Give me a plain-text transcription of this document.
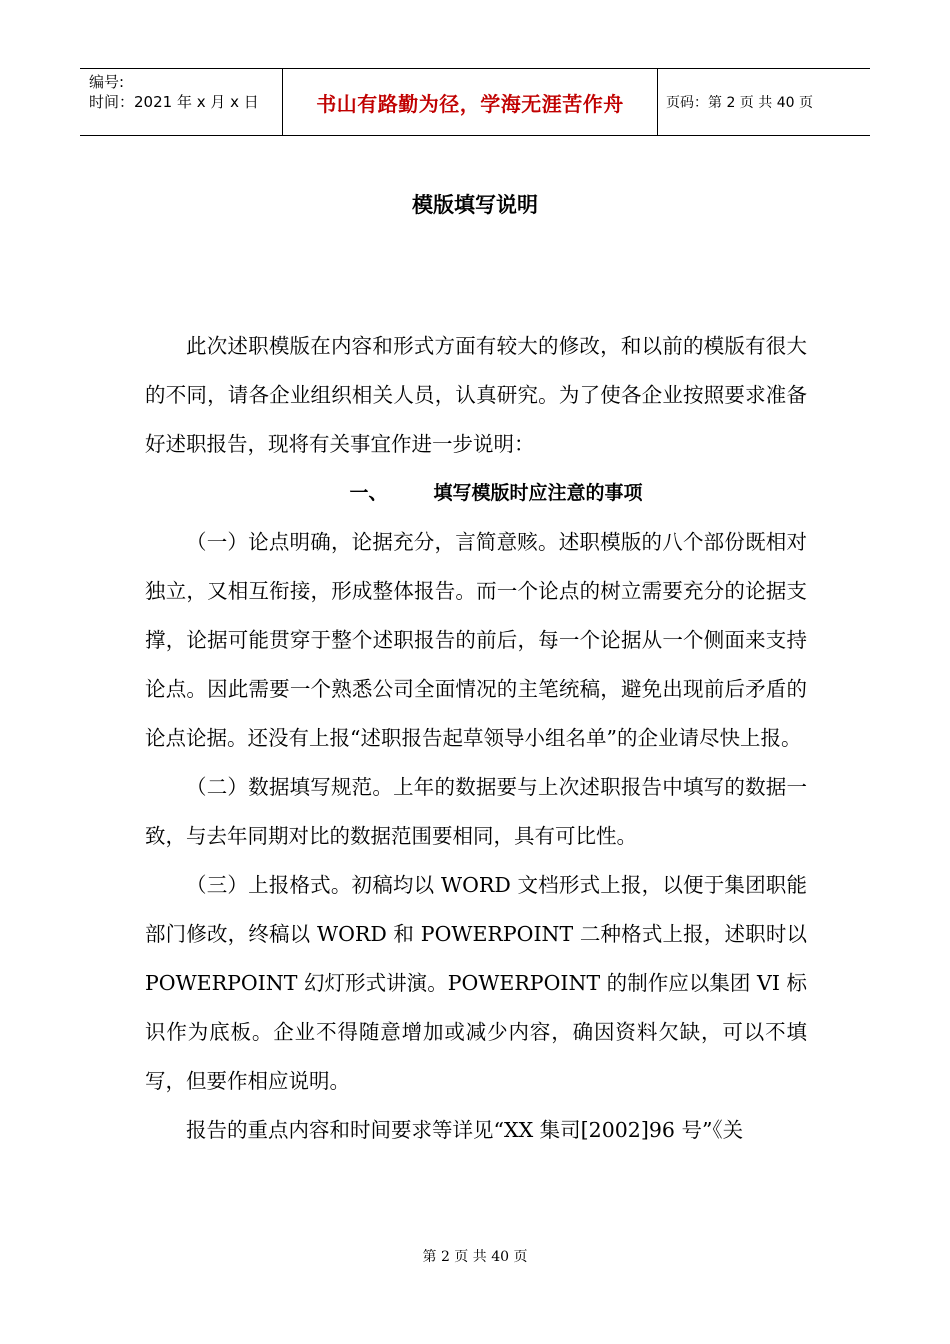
编号:
时间：2021 年 x 月 x 日	书山有路勤为径，学海无涯苦作舟	页码：第 2 页 共 40 页
模版填写说明

此次述职模版在内容和形式方面有较大的修改，和以前的模版有很大的不同，请各企业组织相关人员，认真研究。为了使各企业按照要求准备好述职报告，现将有关事宜作进一步说明：

一、 填写模版时应注意的事项

（一）论点明确，论据充分，言简意赅。述职模版的八个部份既相对独立，又相互衔接，形成整体报告。而一个论点的树立需要充分的论据支撑，论据可能贯穿于整个述职报告的前后，每一个论据从一个侧面来支持论点。因此需要一个熟悉公司全面情况的主笔统稿，避免出现前后矛盾的论点论据。还没有上报“述职报告起草领导小组名单”的企业请尽快上报。

（二）数据填写规范。上年的数据要与上次述职报告中填写的数据一致，与去年同期对比的数据范围要相同，具有可比性。

（三）上报格式。初稿均以 WORD 文档形式上报，以便于集团职能部门修改，终稿以 WORD 和 POWERPOINT 二种格式上报，述职时以 POWERPOINT 幻灯形式讲演。POWERPOINT 的制作应以集团 VI 标识作为底板。企业不得随意增加或减少内容，确因资料欠缺，可以不填写，但要作相应说明。

报告的重点内容和时间要求等详见“XX 集司[2002]96 号”《关

第 2 页 共 40 页
